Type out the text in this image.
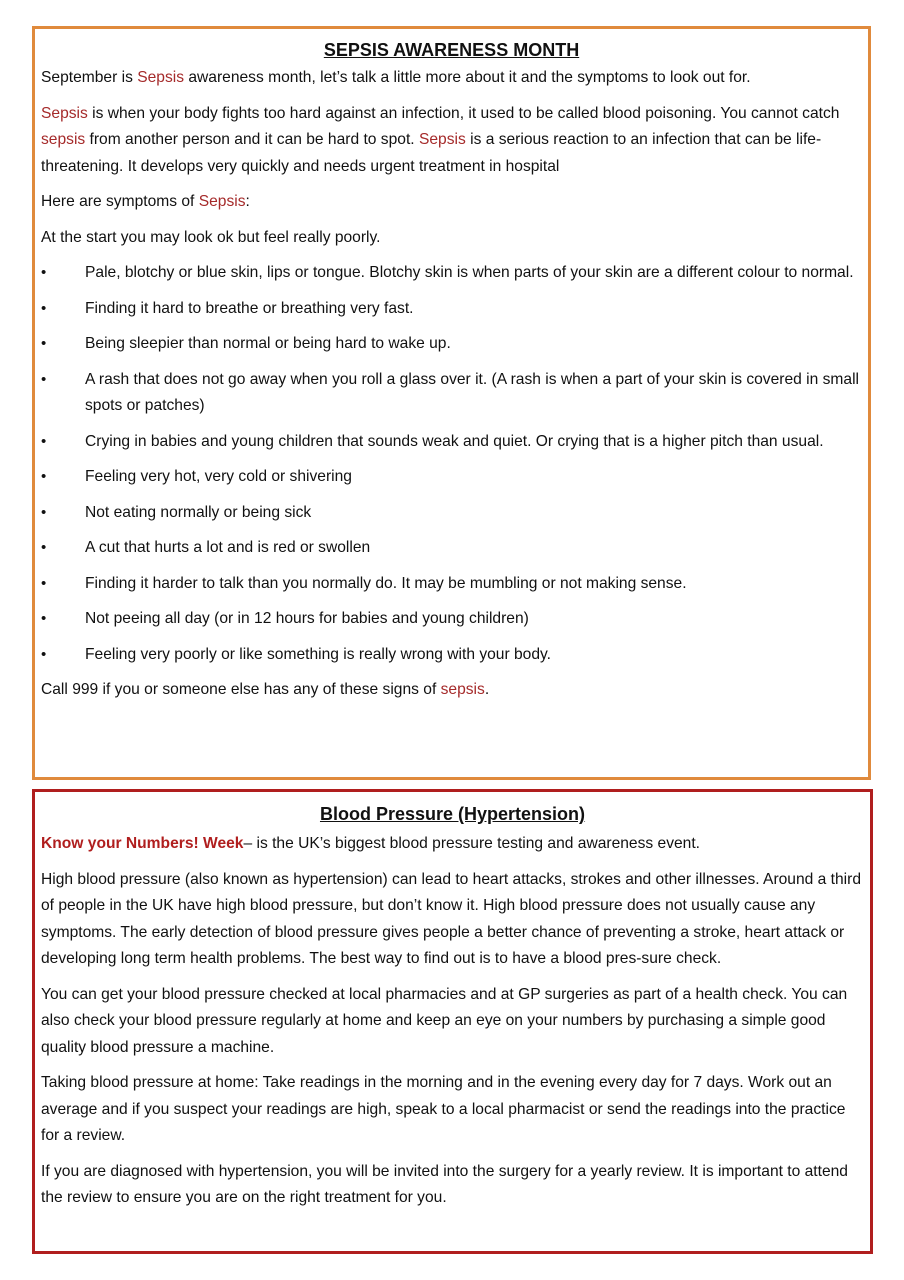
SEPSIS AWARENESS MONTH

September is Sepsis awareness month, let’s talk a little more about it and the symptoms to look out for.

Sepsis is when your body fights too hard against an infection, it used to be called blood poisoning. You cannot catch sepsis from another person and it can be hard to spot. Sepsis is a serious reaction to an infection that can be life-threatening. It develops very quickly and needs urgent treatment in hospital

Here are symptoms of Sepsis:

At the start you may look ok but feel really poorly.

•	Pale, blotchy or blue skin, lips or tongue. Blotchy skin is when parts of your skin are a different colour to normal.
•	Finding it hard to breathe or breathing very fast.
•	Being sleepier than normal or being hard to wake up.
•	A rash that does not go away when you roll a glass over it. (A rash is when a part of your skin is covered in small spots or patches)
•	Crying in babies and young children that sounds weak and quiet. Or crying that is a higher pitch than usual.
•	Feeling very hot, very cold or shivering
•	Not eating normally or being sick
•	A cut that hurts a lot and is red or swollen
•	Finding it harder to talk than you normally do. It may be mumbling or not making sense.
•	Not peeing all day (or in 12 hours for babies and young children)
•	Feeling very poorly or like something is really wrong with your body.

Call 999 if you or someone else has any of these signs of sepsis.

Blood Pressure (Hypertension)

Know your Numbers! Week– is the UK’s biggest blood pressure testing and awareness event.

High blood pressure (also known as hypertension) can lead to heart attacks, strokes and other illnesses. Around a third of people in the UK have high blood pressure, but don’t know it. High blood pressure does not usually cause any symptoms. The early detection of blood pressure gives people a better chance of preventing a stroke, heart attack or developing long term health problems. The best way to find out is to have a blood pres-sure check.

You can get your blood pressure checked at local pharmacies and at GP surgeries as part of a health check. You can also check your blood pressure regularly at home and keep an eye on your numbers by purchasing a simple good quality blood pressure a machine.

Taking blood pressure at home: Take readings in the morning and in the evening every day for 7 days. Work out an average and if you suspect your readings are high, speak to a local pharmacist or send the readings into the practice for a review.

If you are diagnosed with hypertension, you will be invited into the surgery for a yearly review. It is important to attend the review to ensure you are on the right treatment for you.
